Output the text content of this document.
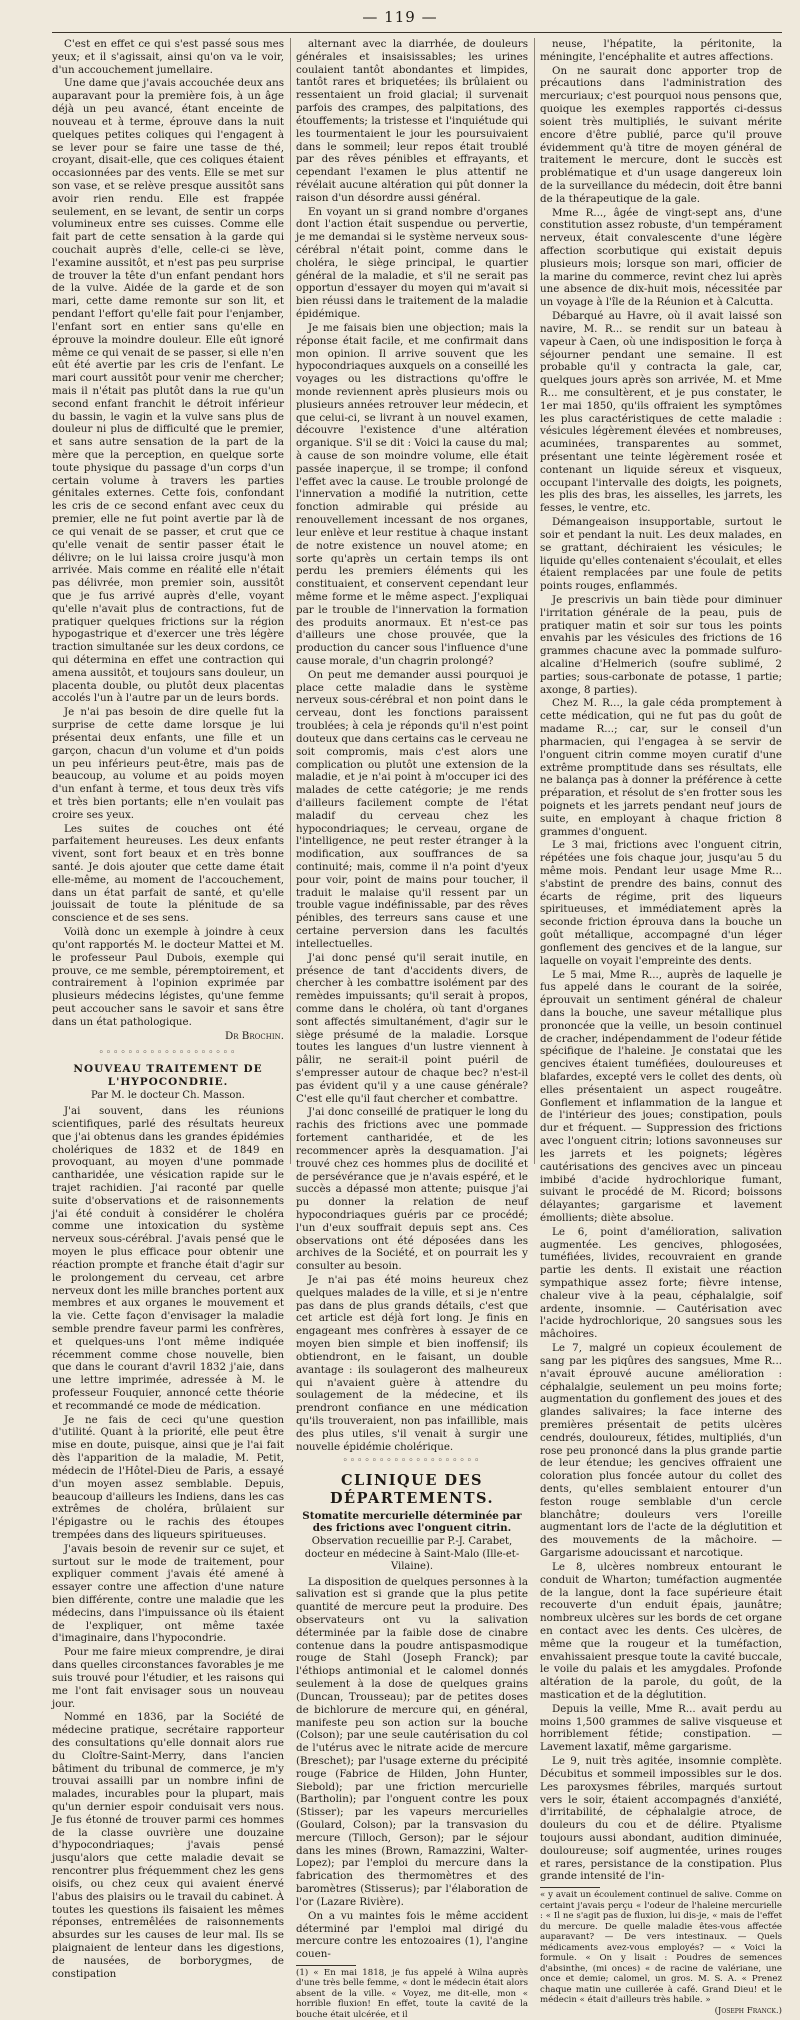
— 119 —

C'est en effet ce qui s'est passé sous mes yeux; et il s'agissait, ainsi qu'on va le voir, d'un accouchement jumellaire.

Une dame que j'avais accouchée deux ans auparavant pour la première fois, à un âge déjà un peu avancé, étant enceinte de nouveau et à terme, éprouve dans la nuit quelques petites coliques qui l'engagent à se lever pour se faire une tasse de thé, croyant, disait-elle, que ces coliques étaient occasionnées par des vents. Elle se met sur son vase, et se relève presque aussitôt sans avoir rien rendu. Elle est frappée seulement, en se levant, de sentir un corps volumineux entre ses cuisses. Comme elle fait part de cette sensation à la garde qui couchait auprès d'elle, celle-ci se lève, l'examine aussitôt, et n'est pas peu surprise de trouver la tête d'un enfant pendant hors de la vulve. Aidée de la garde et de son mari, cette dame remonte sur son lit, et pendant l'effort qu'elle fait pour l'enjamber, l'enfant sort en entier sans qu'elle en éprouve la moindre douleur. Elle eût ignoré même ce qui venait de se passer, si elle n'en eût été avertie par les cris de l'enfant. Le mari court aussitôt pour venir me chercher; mais il n'était pas plutôt dans la rue qu'un second enfant franchit le détroit inférieur du bassin, le vagin et la vulve sans plus de douleur ni plus de difficulté que le premier, et sans autre sensation de la part de la mère que la perception, en quelque sorte toute physique du passage d'un corps d'un certain volume à travers les parties génitales externes. Cette fois, confondant les cris de ce second enfant avec ceux du premier, elle ne fut point avertie par là de ce qui venait de se passer, et crut que ce qu'elle venait de sentir passer était le délivre; on le lui laissa croire jusqu'à mon arrivée. Mais comme en réalité elle n'était pas délivrée, mon premier soin, aussitôt que je fus arrivé auprès d'elle, voyant qu'elle n'avait plus de contractions, fut de pratiquer quelques frictions sur la région hypogastrique et d'exercer une très légère traction simultanée sur les deux cordons, ce qui détermina en effet une contraction qui amena aussitôt, et toujours sans douleur, un placenta double, ou plutôt deux placentas accolés l'un à l'autre par un de leurs bords.

Je n'ai pas besoin de dire quelle fut la surprise de cette dame lorsque je lui présentai deux enfants, une fille et un garçon, chacun d'un volume et d'un poids un peu inférieurs peut-être, mais pas de beaucoup, au volume et au poids moyen d'un enfant à terme, et tous deux très vifs et très bien portants; elle n'en voulait pas croire ses yeux.

Les suites de couches ont été parfaitement heureuses. Les deux enfants vivent, sont fort beaux et en très bonne santé. Je dois ajouter que cette dame était elle-même, au moment de l'accouchement, dans un état parfait de santé, et qu'elle jouissait de toute la plénitude de sa conscience et de ses sens.

Voilà donc un exemple à joindre à ceux qu'ont rapportés M. le docteur Mattei et M. le professeur Paul Dubois, exemple qui prouve, ce me semble, péremptoirement, et contrairement à l'opinion exprimée par plusieurs médecins légistes, qu'une femme peut accoucher sans le savoir et sans être dans un état pathologique.

Dr Brochin.
◦◦◦◦◦◦◦◦◦◦◦◦◦◦◦◦◦◦◦
NOUVEAU TRAITEMENT DE L'HYPOCONDRIE.
Par M. le docteur Ch. Masson.

J'ai souvent, dans les réunions scientifiques, parlé des résultats heureux que j'ai obtenus dans les grandes épidémies cholériques de 1832 et de 1849 en provoquant, au moyen d'une pommade cantharidée, une vésication rapide sur le trajet rachidien. J'ai raconté par quelle suite d'observations et de raisonnements j'ai été conduit à considérer le choléra comme une intoxication du système nerveux sous-cérébral. J'avais pensé que le moyen le plus efficace pour obtenir une réaction prompte et franche était d'agir sur le prolongement du cerveau, cet arbre nerveux dont les mille branches portent aux membres et aux organes le mouvement et la vie. Cette façon d'envisager la maladie semble prendre faveur parmi les confrères, et quelques-uns l'ont même indiquée récemment comme chose nouvelle, bien que dans le courant d'avril 1832 j'aie, dans une lettre imprimée, adressée à M. le professeur Fouquier, annoncé cette théorie et recommandé ce mode de médication.

Je ne fais de ceci qu'une question d'utilité. Quant à la priorité, elle peut être mise en doute, puisque, ainsi que je l'ai fait dès l'apparition de la maladie, M. Petit, médecin de l'Hôtel-Dieu de Paris, a essayé d'un moyen assez semblable. Depuis, beaucoup d'ailleurs les Indiens, dans les cas extrêmes de choléra, brûlaient sur l'épigastre ou le rachis des étoupes trempées dans des liqueurs spiritueuses.

J'avais besoin de revenir sur ce sujet, et surtout sur le mode de traitement, pour expliquer comment j'avais été amené à essayer contre une affection d'une nature bien différente, contre une maladie que les médecins, dans l'impuissance où ils étaient de l'expliquer, ont même taxée d'imaginaire, dans l'hypocondrie.

Pour me faire mieux comprendre, je dirai dans quelles circonstances favorables je me suis trouvé pour l'étudier, et les raisons qui me l'ont fait envisager sous un nouveau jour.

Nommé en 1836, par la Société de médecine pratique, secrétaire rapporteur des consultations qu'elle donnait alors rue du Cloître-Saint-Merry, dans l'ancien bâtiment du tribunal de commerce, je m'y trouvai assailli par un nombre infini de malades, incurables pour la plupart, mais qu'un dernier espoir conduisait vers nous. Je fus étonné de trouver parmi ces hommes de la classe ouvrière une douzaine d'hypocondriaques; j'avais pensé jusqu'alors que cette maladie devait se rencontrer plus fréquemment chez les gens oisifs, ou chez ceux qui avaient énervé l'abus des plaisirs ou le travail du cabinet. À toutes les questions ils faisaient les mêmes réponses, entremêlées de raisonnements absurdes sur les causes de leur mal. Ils se plaignaient de lenteur dans les digestions, de nausées, de borborygmes, de constipation

alternant avec la diarrhée, de douleurs générales et insaisissables; les urines coulaient tantôt abondantes et limpides, tantôt rares et briquetées; ils brûlaient ou ressentaient un froid glacial; il survenait parfois des crampes, des palpitations, des étouffements; la tristesse et l'inquiétude qui les tourmentaient le jour les poursuivaient dans le sommeil; leur repos était troublé par des rêves pénibles et effrayants, et cependant l'examen le plus attentif ne révélait aucune altération qui pût donner la raison d'un désordre aussi général.

En voyant un si grand nombre d'organes dont l'action était suspendue ou pervertie, je me demandai si le système nerveux sous-cérébral n'était point, comme dans le choléra, le siège principal, le quartier général de la maladie, et s'il ne serait pas opportun d'essayer du moyen qui m'avait si bien réussi dans le traitement de la maladie épidémique.

Je me faisais bien une objection; mais la réponse était facile, et me confirmait dans mon opinion. Il arrive souvent que les hypocondriaques auxquels on a conseillé les voyages ou les distractions qu'offre le monde reviennent après plusieurs mois ou plusieurs années retrouver leur médecin, et que celui-ci, se livrant à un nouvel examen, découvre l'existence d'une altération organique. S'il se dit : Voici la cause du mal; à cause de son moindre volume, elle était passée inaperçue, il se trompe; il confond l'effet avec la cause. Le trouble prolongé de l'innervation a modifié la nutrition, cette fonction admirable qui préside au renouvellement incessant de nos organes, leur enlève et leur restitue à chaque instant de notre existence un nouvel atome; en sorte qu'après un certain temps ils ont perdu les premiers éléments qui les constituaient, et conservent cependant leur même forme et le même aspect. J'expliquai par le trouble de l'innervation la formation des produits anormaux. Et n'est-ce pas d'ailleurs une chose prouvée, que la production du cancer sous l'influence d'une cause morale, d'un chagrin prolongé?

On peut me demander aussi pourquoi je place cette maladie dans le système nerveux sous-cérébral et non point dans le cerveau, dont les fonctions paraissent troublées; à cela je réponds qu'il n'est point douteux que dans certains cas le cerveau ne soit compromis, mais c'est alors une complication ou plutôt une extension de la maladie, et je n'ai point à m'occuper ici des malades de cette catégorie; je me rends d'ailleurs facilement compte de l'état maladif du cerveau chez les hypocondriaques; le cerveau, organe de l'intelligence, ne peut rester étranger à la modification, aux souffrances de sa continuité; mais, comme il n'a point d'yeux pour voir, point de mains pour toucher, il traduit le malaise qu'il ressent par un trouble vague indéfinissable, par des rêves pénibles, des terreurs sans cause et une certaine perversion dans les facultés intellectuelles.

J'ai donc pensé qu'il serait inutile, en présence de tant d'accidents divers, de chercher à les combattre isolément par des remèdes impuissants; qu'il serait à propos, comme dans le choléra, où tant d'organes sont affectés simultanément, d'agir sur le siège présumé de la maladie. Lorsque toutes les langues d'un lustre viennent à pâlir, ne serait-il point puéril de s'empresser autour de chaque bec? n'est-il pas évident qu'il y a une cause générale? C'est elle qu'il faut chercher et combattre.

J'ai donc conseillé de pratiquer le long du rachis des frictions avec une pommade fortement cantharidée, et de les recommencer après la desquamation. J'ai trouvé chez ces hommes plus de docilité et de persévérance que je n'avais espéré, et le succès a dépassé mon attente; puisque j'ai pu donner la relation de neuf hypocondriaques guéris par ce procédé; l'un d'eux souffrait depuis sept ans. Ces observations ont été déposées dans les archives de la Société, et on pourrait les y consulter au besoin.

Je n'ai pas été moins heureux chez quelques malades de la ville, et si je n'entre pas dans de plus grands détails, c'est que cet article est déjà fort long. Je finis en engageant mes confrères à essayer de ce moyen bien simple et bien inoffensif; ils obtiendront, en le faisant, un double avantage : ils soulageront des malheureux qui n'avaient guère à attendre du soulagement de la médecine, et ils prendront confiance en une médication qu'ils trouveraient, non pas infaillible, mais des plus utiles, s'il venait à surgir une nouvelle épidémie cholérique.

◦◦◦◦◦◦◦◦◦◦◦◦◦◦◦◦◦◦◦
CLINIQUE DES DÉPARTEMENTS.
Stomatite mercurielle déterminée par des frictions avec l'onguent citrin.
Observation recueillie par P.-J. Carabet, docteur en médecine à Saint-Malo (Ille-et-Vilaine).

La disposition de quelques personnes à la salivation est si grande que la plus petite quantité de mercure peut la produire. Des observateurs ont vu la salivation déterminée par la faible dose de cinabre contenue dans la poudre antispasmodique rouge de Stahl (Joseph Franck); par l'éthiops antimonial et le calomel donnés seulement à la dose de quelques grains (Duncan, Trousseau); par de petites doses de bichlorure de mercure qui, en général, manifeste peu son action sur la bouche (Colson); par une seule cautérisation du col de l'utérus avec le nitrate acide de mercure (Breschet); par l'usage externe du précipité rouge (Fabrice de Hilden, John Hunter, Siebold); par une friction mercurielle (Bartholin); par l'onguent contre les poux (Stisser); par les vapeurs mercurielles (Goulard, Colson); par la transvasion du mercure (Tilloch, Gerson); par le séjour dans les mines (Brown, Ramazzini, Walter-Lopez); par l'emploi du mercure dans la fabrication des thermomètres et des baromètres (Stisserus); par l'élaboration de l'or (Lazare Rivière).

On a vu maintes fois le même accident déterminé par l'emploi mal dirigé du mercure contre les entozoaires (1), l'angine couen-

(1) « En mai 1818, je fus appelé à Wilna auprès d'une très belle femme, « dont le médecin était alors absent de la ville. « Voyez, me dit-elle, mon « horrible fluxion! En effet, toute la cavité de la bouche était ulcérée, et il

neuse, l'hépatite, la péritonite, la méningite, l'encéphalite et autres affections.

On ne saurait donc apporter trop de précautions dans l'administration des mercuriaux; c'est pourquoi nous pensons que, quoique les exemples rapportés ci-dessus soient très multipliés, le suivant mérite encore d'être publié, parce qu'il prouve évidemment qu'à titre de moyen général de traitement le mercure, dont le succès est problématique et d'un usage dangereux loin de la surveillance du médecin, doit être banni de la thérapeutique de la gale.

Mme R..., âgée de vingt-sept ans, d'une constitution assez robuste, d'un tempérament nerveux, était convalescente d'une légère affection scorbutique qui existait depuis plusieurs mois; lorsque son mari, officier de la marine du commerce, revint chez lui après une absence de dix-huit mois, nécessitée par un voyage à l'île de la Réunion et à Calcutta.

Débarqué au Havre, où il avait laissé son navire, M. R... se rendit sur un bateau à vapeur à Caen, où une indisposition le força à séjourner pendant une semaine. Il est probable qu'il y contracta la gale, car, quelques jours après son arrivée, M. et Mme R... me consultèrent, et je pus constater, le 1er mai 1850, qu'ils offraient les symptômes les plus caractéristiques de cette maladie : vésicules légèrement élevées et nombreuses, acuminées, transparentes au sommet, présentant une teinte légèrement rosée et contenant un liquide séreux et visqueux, occupant l'intervalle des doigts, les poignets, les plis des bras, les aisselles, les jarrets, les fesses, le ventre, etc.

Démangeaison insupportable, surtout le soir et pendant la nuit. Les deux malades, en se grattant, déchiraient les vésicules; le liquide qu'elles contenaient s'écoulait, et elles étaient remplacées par une foule de petits points rouges, enflammés.

Je prescrivis un bain tiède pour diminuer l'irritation générale de la peau, puis de pratiquer matin et soir sur tous les points envahis par les vésicules des frictions de 16 grammes chacune avec la pommade sulfuro-alcaline d'Helmerich (soufre sublimé, 2 parties; sous-carbonate de potasse, 1 partie; axonge, 8 parties).

Chez M. R..., la gale céda promptement à cette médication, qui ne fut pas du goût de madame R...; car, sur le conseil d'un pharmacien, qui l'engagea à se servir de l'onguent citrin comme moyen curatif d'une extrême promptitude dans ses résultats, elle ne balança pas à donner la préférence à cette préparation, et résolut de s'en frotter sous les poignets et les jarrets pendant neuf jours de suite, en employant à chaque friction 8 grammes d'onguent.

Le 3 mai, frictions avec l'onguent citrin, répétées une fois chaque jour, jusqu'au 5 du même mois. Pendant leur usage Mme R... s'abstint de prendre des bains, connut des écarts de régime, prit des liqueurs spiritueuses, et immédiatement après la seconde friction éprouva dans la bouche un goût métallique, accompagné d'un léger gonflement des gencives et de la langue, sur laquelle on voyait l'empreinte des dents.

Le 5 mai, Mme R..., auprès de laquelle je fus appelé dans le courant de la soirée, éprouvait un sentiment général de chaleur dans la bouche, une saveur métallique plus prononcée que la veille, un besoin continuel de cracher, indépendamment de l'odeur fétide spécifique de l'haleine. Je constatai que les gencives étaient tuméfiées, douloureuses et blafardes, excepté vers le collet des dents, où elles présentaient un aspect rougeâtre. Gonflement et inflammation de la langue et de l'intérieur des joues; constipation, pouls dur et fréquent. — Suppression des frictions avec l'onguent citrin; lotions savonneuses sur les jarrets et les poignets; légères cautérisations des gencives avec un pinceau imbibé d'acide hydrochlorique fumant, suivant le procédé de M. Ricord; boissons délayantes; gargarisme et lavement émollients; diète absolue.

Le 6, point d'amélioration, salivation augmentée. Les gencives, phlogosées, tuméfiées, livides, recouvraient en grande partie les dents. Il existait une réaction sympathique assez forte; fièvre intense, chaleur vive à la peau, céphalalgie, soif ardente, insomnie. — Cautérisation avec l'acide hydrochlorique, 20 sangsues sous les mâchoires.

Le 7, malgré un copieux écoulement de sang par les piqûres des sangsues, Mme R... n'avait éprouvé aucune amélioration : céphalalgie, seulement un peu moins forte; augmentation du gonflement des joues et des glandes salivaires; la face interne des premières présentait de petits ulcères cendrés, douloureux, fétides, multipliés, d'un rose peu prononcé dans la plus grande partie de leur étendue; les gencives offraient une coloration plus foncée autour du collet des dents, qu'elles semblaient entourer d'un feston rouge semblable d'un cercle blanchâtre; douleurs vers l'oreille augmentant lors de l'acte de la déglutition et des mouvements de la mâchoire. — Gargarisme adoucissant et narcotique.

Le 8, ulcères nombreux entourant le conduit de Wharton; tuméfaction augmentée de la langue, dont la face supérieure était recouverte d'un enduit épais, jaunâtre; nombreux ulcères sur les bords de cet organe en contact avec les dents. Ces ulcères, de même que la rougeur et la tuméfaction, envahissaient presque toute la cavité buccale, le voile du palais et les amygdales. Profonde altération de la parole, du goût, de la mastication et de la déglutition.

Depuis la veille, Mme R... avait perdu au moins 1,500 grammes de salive visqueuse et horriblement fétide; constipation. — Lavement laxatif, même gargarisme.

Le 9, nuit très agitée, insomnie complète. Décubitus et sommeil impossibles sur le dos. Les paroxysmes fébriles, marqués surtout vers le soir, étaient accompagnés d'anxiété, d'irritabilité, de céphalalgie atroce, de douleurs du cou et de délire. Ptyalisme toujours aussi abondant, audition diminuée, douloureuse; soif augmentée, urines rouges et rares, persistance de la constipation. Plus grande intensité de l'in-

« y avait un écoulement continuel de salive. Comme on certaint j'avais perçu « l'odeur de l'haleine mercurielle : « Il ne s'agit pas de fluxion, lui dis-je, « mais de l'effet du mercure. De quelle maladie êtes-vous affectée auparavant? — De vers intestinaux. — Quels médicaments avez-vous employés? — « Voici la formule. « On y lisait : Poudres de semences d'absinthe, (mi onces) « de racine de valériane, une once et demie; calomel, un gros. M. S. A. « Prenez chaque matin une cuillerée à café. Grand Dieu! et le médecin « était d'ailleurs très habile. »
(Joseph Franck.)
